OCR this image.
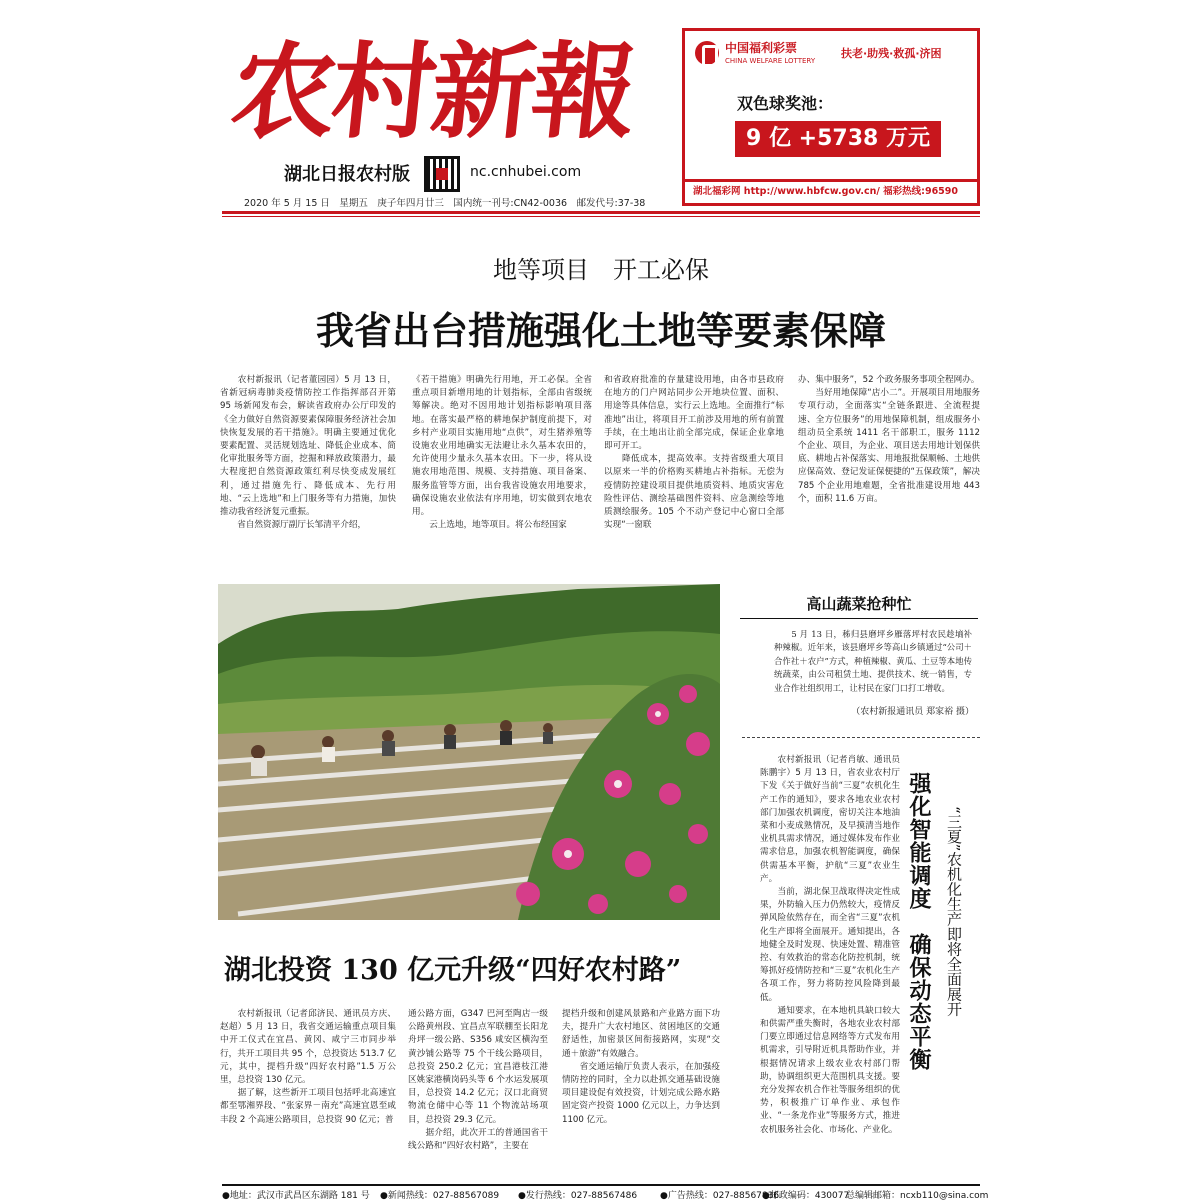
农村新報
湖北日报农村版	nc.cnhubei.com
2020 年 5 月 15 日　星期五　庚子年四月廿三　国内统一刊号:CN42-0036　邮发代号:37-38
中国福利彩票
CHINA WELFARE LOTTERY
扶老·助残·救孤·济困
双色球奖池：
9 亿 +5738 万元
湖北福彩网 http://www.hbfcw.gov.cn/ 福彩热线:96590
地等项目　开工必保
我省出台措施强化土地等要素保障
　　农村新报讯（记者董园园）5 月 13 日，省新冠病毒肺炎疫情防控工作指挥部召开第 95 场新闻发布会，解读省政府办公厅印发的《全力做好自然资源要素保障服务经济社会加快恢复发展的若干措施》。明确主要通过优化要素配置、灵活规划选址、降低企业成本、简化审批服务等方面，挖掘和释放政策潜力，最大程度把自然资源政策红利尽快变成发展红利，通过措施先行、降低成本、先行用地、“云上选地”和上门服务等有力措施，加快推动我省经济复元重振。
　　省自然资源厅副厅长邹清平介绍，
《若干措施》明确先行用地，开工必保。全省重点项目新增用地的计划指标，全部由省级统筹解决。绝对不因用地计划指标影响项目落地。在落实最严格的耕地保护制度前提下，对乡村产业项目实施用地“点供”，对生猪养殖等设施农业用地确实无法避让永久基本农田的，允许使用少量永久基本农田。下一步，将从设施农用地范围、规模、支持措施、项目备案、服务监管等方面，出台我省设施农用地要求，确保设施农业依法有序用地，切实做到农地农用。
　　云上选地，地等项目。将公布经国家
和省政府批准的存量建设用地，由各市县政府在地方的门户网站同步公开地块位置、面积、用途等具体信息，实行云上选地。全面推行“标准地”出让，将项目开工前涉及用地的所有前置手续，在土地出让前全部完成，保证企业拿地即可开工。
　　降低成本，提高效率。支持省级重大项目以原来一半的价格购买耕地占补指标。无偿为疫情防控建设项目提供地质资料、地质灾害危险性评估、测绘基础图件资料、应急测绘等地质测绘服务。105 个不动产登记中心窗口全部实现“一窗联
办、集中服务”，52 个政务服务事项全程网办。
　　当好用地保障“店小二”。开展项目用地服务专项行动，全面落实“全链条跟进、全流程提速、全方位服务”的用地保障机制，组成服务小组动员全系统 1411 名干部职工，服务 1112 个企业、项目，为企业、项目送去用地计划保供底、耕地占补保落实、用地报批保顺畅、土地供应保高效、登记发证保便捷的“五保政策”，解决 785 个企业用地难题，全省批准建设用地 443 个，面积 11.6 万亩。
高山蔬菜抢种忙
　　5 月 13 日，秭归县磨坪乡雁落坪村农民趁墒补种辣椒。近年来，该县磨坪乡等高山乡镇通过“公司＋合作社＋农户”方式，种植辣椒、黄瓜、土豆等本地传统蔬菜，由公司租赁土地、提供技术、统一销售，专业合作社组织用工，让村民在家门口打工增收。
（农村新报通讯员 郑家裕 摄）
强化智能调度　确保动态平衡 “三夏”农机化生产即将全面展开
　　农村新报讯（记者肖敏、通讯员陈鹏宇）5 月 13 日，省农业农村厅下发《关于做好当前“三夏”农机化生产工作的通知》，要求各地农业农村部门加强农机调度，密切关注本地油菜和小麦成熟情况，及早摸清当地作业机具需求情况，通过媒体发布作业需求信息，加强农机智能调度，确保供需基本平衡，护航“三夏”农业生产。
　　当前，湖北保卫战取得决定性成果，外防输入压力仍然较大，疫情反弹风险依然存在，而全省“三夏”农机化生产即将全面展开。通知提出，各地健全及时发现、快速处置、精准管控、有效救治的常态化防控机制，统筹抓好疫情防控和“三夏”农机化生产各项工作，努力将防控风险降到最低。
　　通知要求，在本地机具缺口较大和供需严重失衡时，各地农业农村部门要立即通过信息网络等方式发布用机需求，引导附近机具帮助作业，并根据情况请求上级农业农村部门帮助，协调组织更大范围机具支援。要充分发挥农机合作社等服务组织的优势，积极推广订单作业、承包作业、“一条龙作业”等服务方式，推进农机服务社会化、市场化、产业化。
湖北投资 130 亿元升级“四好农村路”
　　农村新报讯（记者邱济民、通讯员方庆、赵超）5 月 13 日，我省交通运输重点项目集中开工仪式在宜昌、黄冈、咸宁三市同步举行，共开工项目共 95 个，总投资达 513.7 亿元，其中，提档升级“四好农村路”1.5 万公里，总投资 130 亿元。
　　据了解，这些新开工项目包括呼北高速宜都至鄂湘界段、“张家界－南充”高速宜恩至咸丰段 2 个高速公路项目，总投资 90 亿元；普
通公路方面，G347 巴河至陶店一级公路黄州段、宜昌点军联棚至长阳龙舟坪一级公路、S356 咸安区横沟至黄沙铺公路等 75 个干线公路项目，总投资 250.2 亿元；宜昌港枝江港区姚家港横岗码头等 6 个水运发展项目，总投资 14.2 亿元；汉口北商贸物流仓储中心等 11 个物流站场项目，总投资 29.3 亿元。
　　据介绍，此次开工的普通国省干线公路和“四好农村路”，主要在
提档升级和创建风景路和产业路方面下功夫，提升广大农村地区、贫困地区的交通舒适性，加密景区间衔接路网，实现“交通＋旅游”有效融合。
　　省交通运输厅负责人表示，在加强疫情防控的同时，全力以赴抓交通基础设施项目建设促有效投资，计划完成公路水路固定资产投资 1000 亿元以上，力争达到 1100 亿元。
●地址：武汉市武昌区东湖路 181 号 ●新闻热线：027-88567089 ●发行热线：027-88567486	●广告热线：027-88567836
●邮政编码：430077
总编辑邮箱：ncxb110@sina.com
